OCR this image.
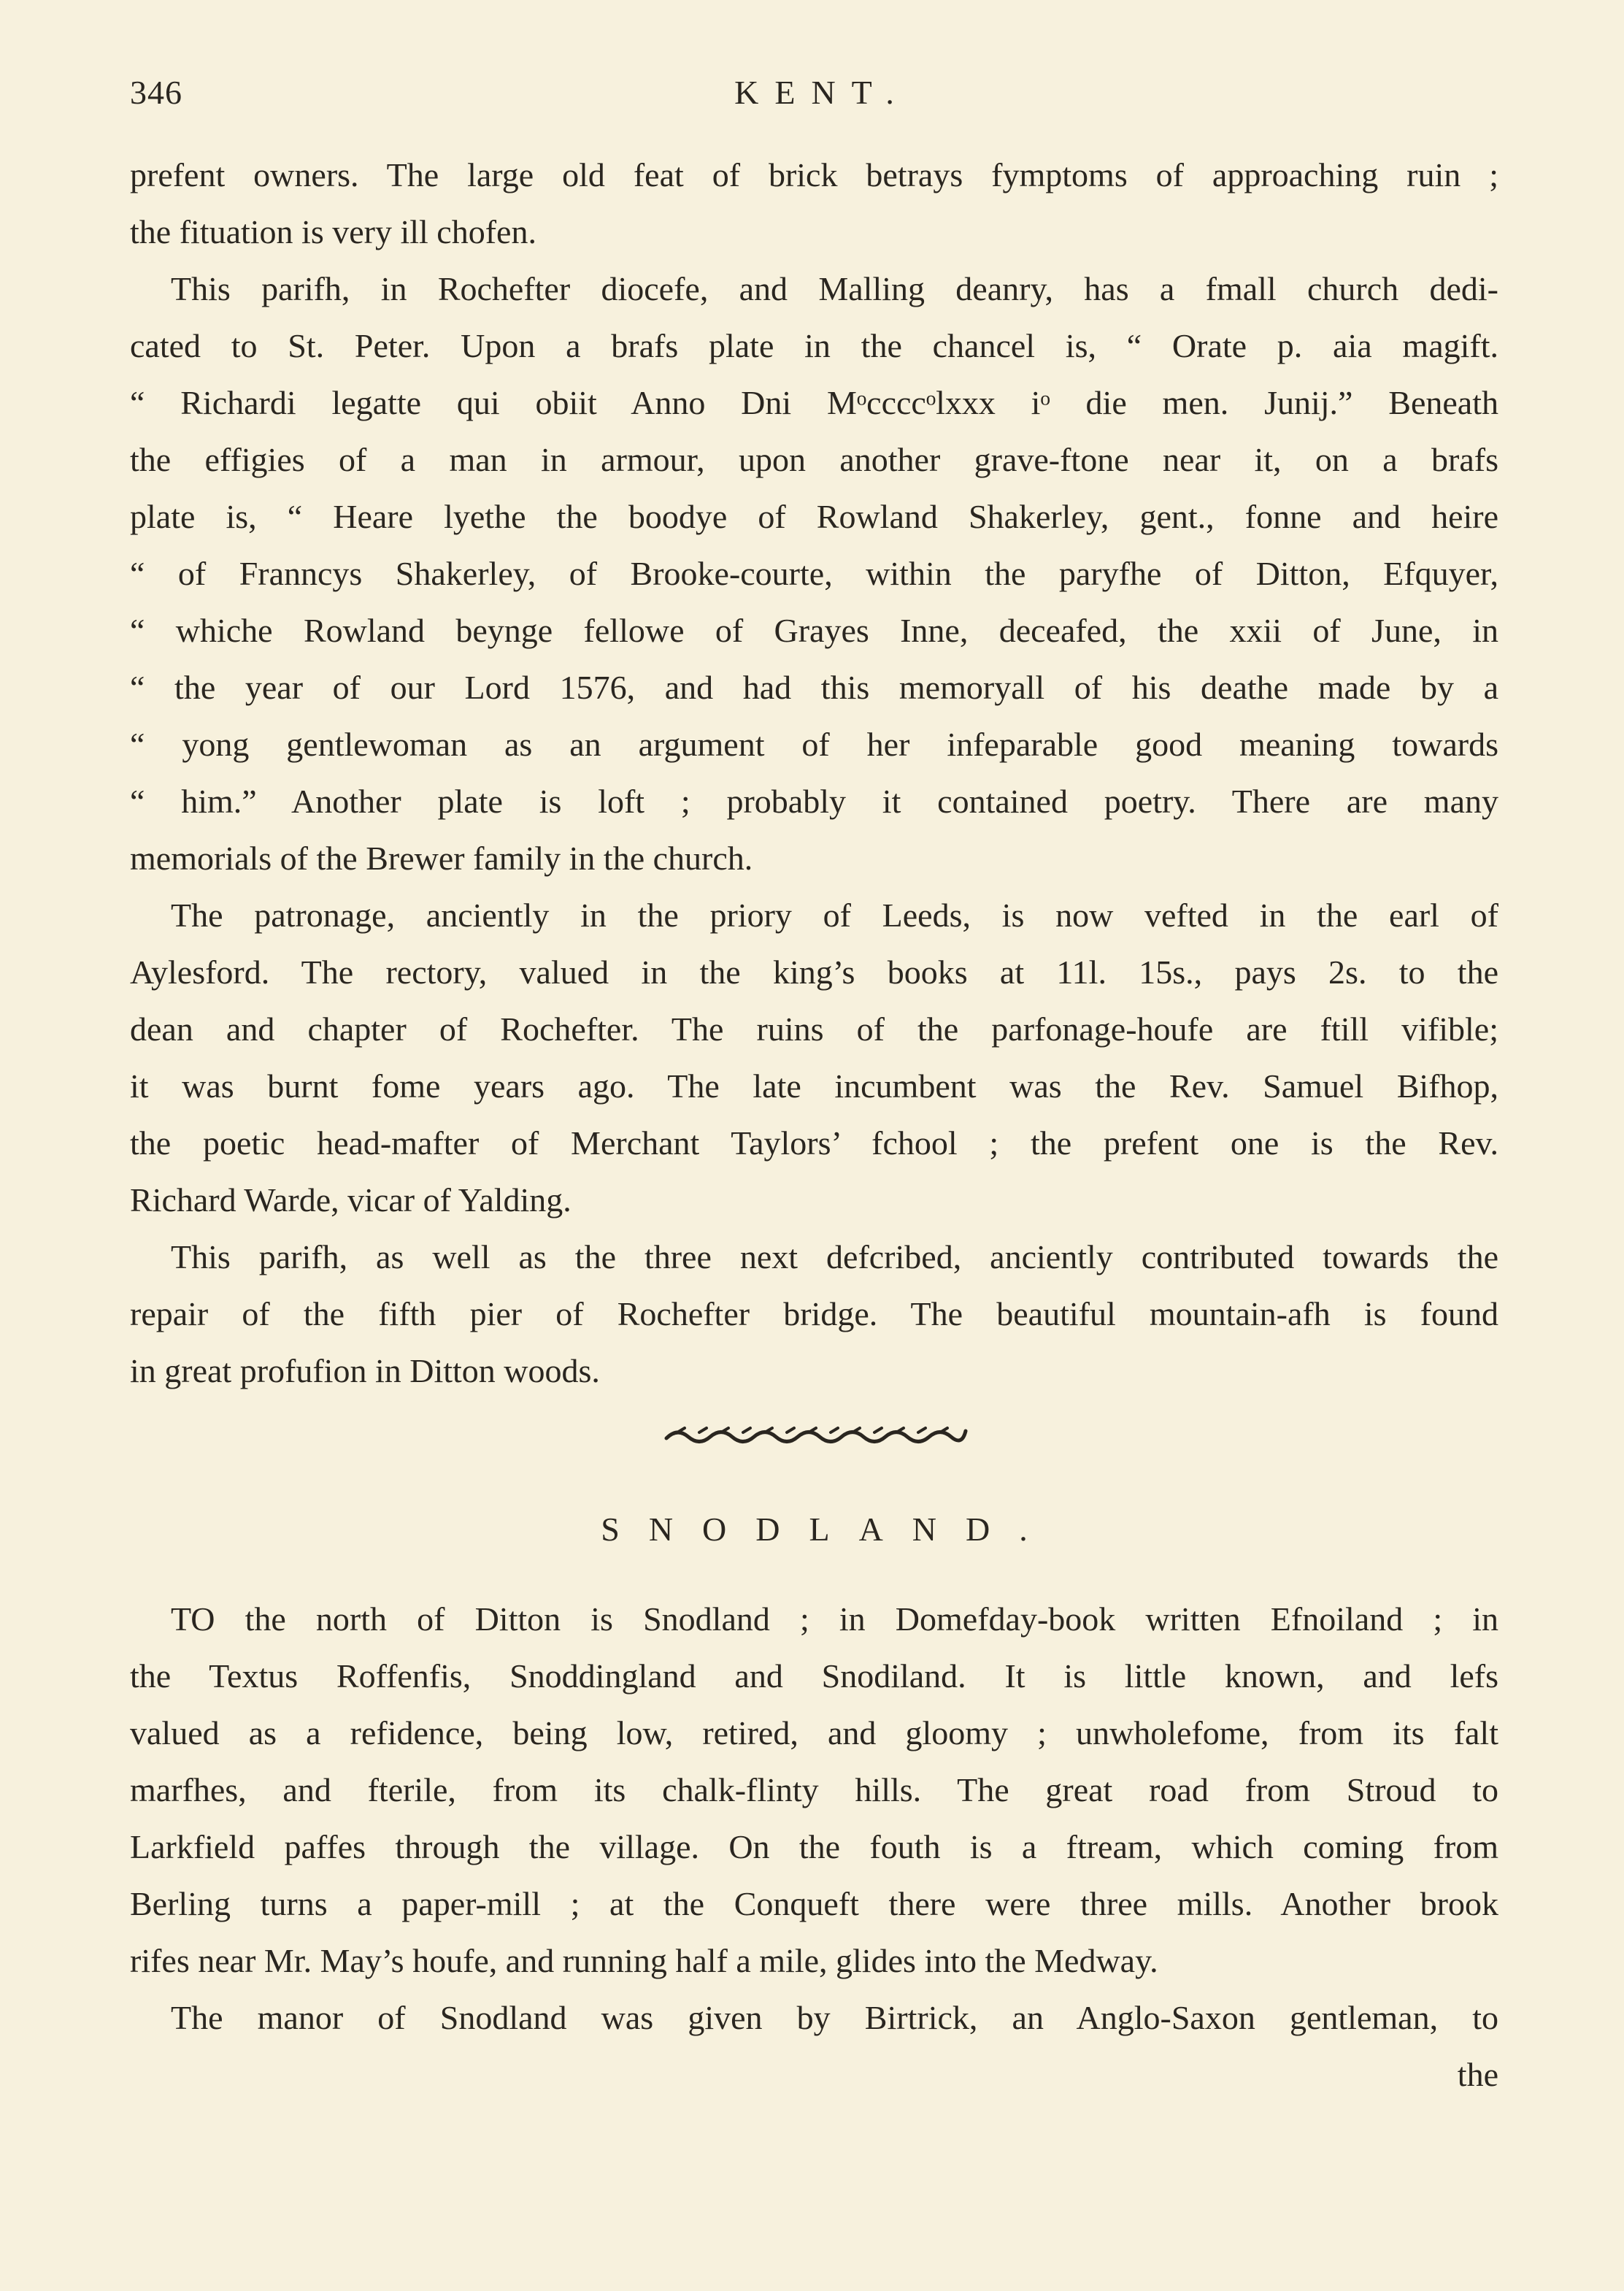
346	KENT.
prefent owners. The large old feat of brick betrays fymptoms of approaching ruin ;
the fituation is very ill chofen.
This parifh, in Rochefter diocefe, and Malling deanry, has a fmall church dedi-
cated to St. Peter. Upon a brafs plate in the chancel is, “ Orate p. aia magift.
“ Richardi legatte qui obiit Anno Dni Mᵒccccᵒlxxx iᵒ die men. Junij.” Beneath
the effigies of a man in armour, upon another grave-ftone near it, on a brafs
plate is, “ Heare lyethe the boodye of Rowland Shakerley, gent., fonne and heire
“ of Franncys Shakerley, of Brooke-courte, within the paryfhe of Ditton, Efquyer,
“ whiche Rowland beynge fellowe of Grayes Inne, deceafed, the xxii of June, in
“ the year of our Lord 1576, and had this memoryall of his deathe made by a
“ yong gentlewoman as an argument of her infeparable good meaning towards
“ him.” Another plate is loft ; probably it contained poetry. There are many
memorials of the Brewer family in the church.
The patronage, anciently in the priory of Leeds, is now vefted in the earl of
Aylesford. The rectory, valued in the king’s books at 11l. 15s., pays 2s. to the
dean and chapter of Rochefter. The ruins of the parfonage-houfe are ftill vifible;
it was burnt fome years ago. The late incumbent was the Rev. Samuel Bifhop,
the poetic head-mafter of Merchant Taylors’ fchool ; the prefent one is the Rev.
Richard Warde, vicar of Yalding.
This parifh, as well as the three next defcribed, anciently contributed towards the
repair of the fifth pier of Rochefter bridge. The beautiful mountain-afh is found
in great profufion in Ditton woods.
SNODLAND.
TO the north of Ditton is Snodland ; in Domefday-book written Efnoiland ; in
the Textus Roffenfis, Snoddingland and Snodiland. It is little known, and lefs
valued as a refidence, being low, retired, and gloomy ; unwholefome, from its falt
marfhes, and fterile, from its chalk-flinty hills. The great road from Stroud to
Larkfield paffes through the village. On the fouth is a ftream, which coming from
Berling turns a paper-mill ; at the Conqueft there were three mills. Another brook
rifes near Mr. May’s houfe, and running half a mile, glides into the Medway.
The manor of Snodland was given by Birtrick, an Anglo-Saxon gentleman, to
the
